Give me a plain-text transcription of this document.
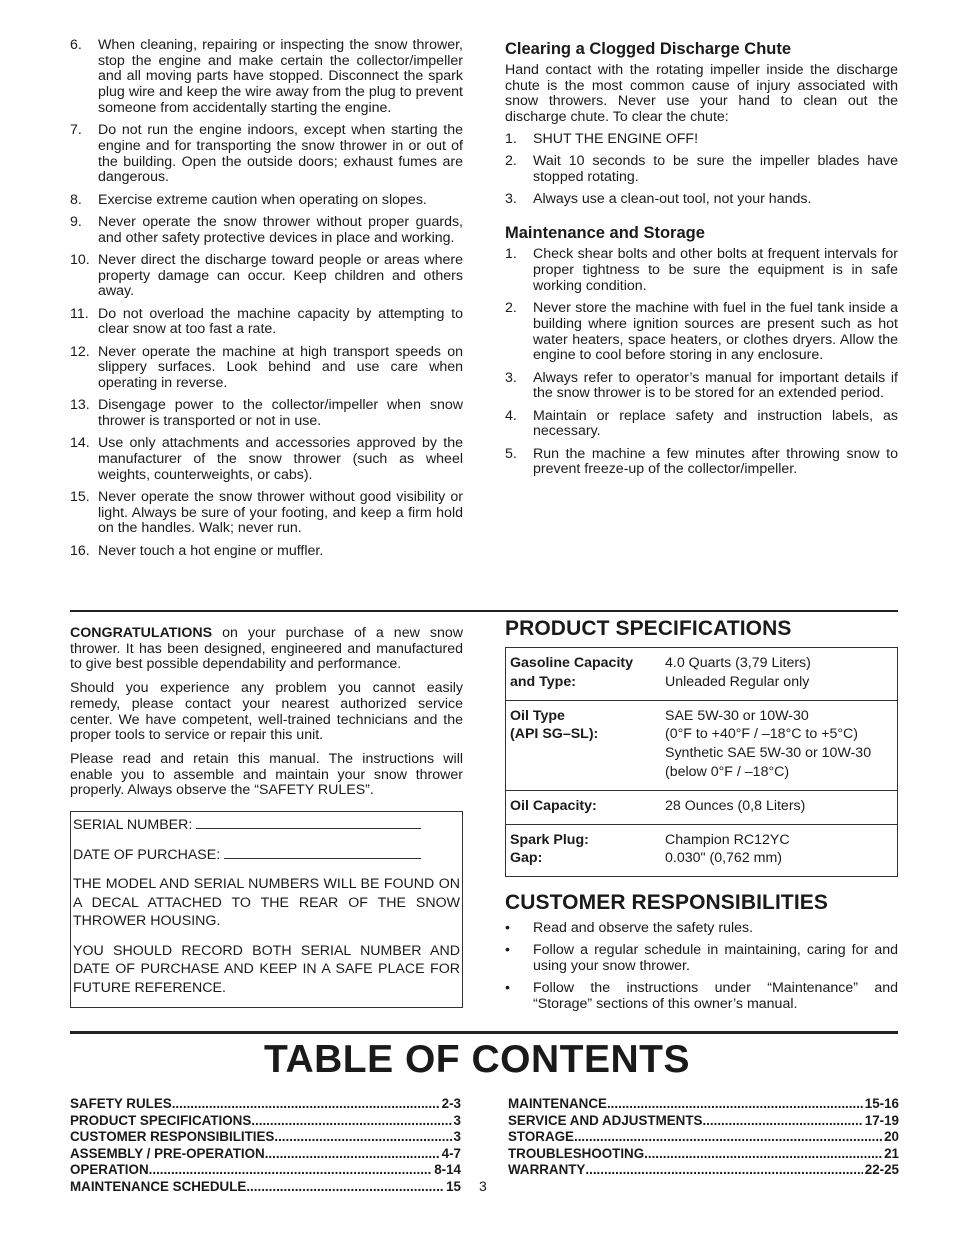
6.	When cleaning, repairing or inspecting the snow thrower, stop the engine and make certain the collector/impeller and all moving parts have stopped. Disconnect the spark plug wire and keep the wire away from the plug to prevent someone from accidentally starting the engine.
7.	Do not run the engine indoors, except when starting the engine and for transporting the snow thrower in or out of the building. Open the outside doors; exhaust fumes are dangerous.
8.	Exercise extreme caution when operating on slopes.
9.	Never operate the snow thrower without proper guards, and other safety protective devices in place and working.
10. Never direct the discharge toward people or areas where property damage can occur. Keep children and others away.
11. Do not overload the machine capacity by attempting to clear snow at too fast a rate.
12. Never operate the machine at high transport speeds on slippery surfaces. Look behind and use care when operating in reverse.
13. Disengage power to the collector/impeller when snow thrower is transported or not in use.
14. Use only attachments and accessories approved by the manufacturer of the snow thrower (such as wheel weights, counterweights, or cabs).
15. Never operate the snow thrower without good visibility or light. Always be sure of your footing, and keep a firm hold on the handles. Walk; never run.
16. Never touch a hot engine or muffler.
Clearing a Clogged Discharge Chute

Hand contact with the rotating impeller inside the discharge chute is the most common cause of injury associated with snow throwers. Never use your hand to clean out the discharge chute. To clear the chute:

1.	SHUT THE ENGINE OFF!
2.	Wait 10 seconds to be sure the impeller blades have stopped rotating.
3.	Always use a clean-out tool, not your hands.
Maintenance and Storage
1.	Check shear bolts and other bolts at frequent intervals for proper tightness to be sure the equipment is in safe working condition.
2.	Never store the machine with fuel in the fuel tank inside a building where ignition sources are present such as hot water heaters, space heaters, or clothes dryers. Allow the engine to cool before storing in any enclosure.
3.	Always refer to operator’s manual for important details if the snow thrower is to be stored for an extended period.
4.	Maintain or replace safety and instruction labels, as necessary.
5.	Run the machine a few minutes after throwing snow to prevent freeze-up of the collector/impeller.

CONGRATULATIONS on your purchase of a new snow thrower. It has been designed, engineered and manufactured to give best possible dependability and performance.

Should you experience any problem you cannot easily remedy, please contact your nearest authorized service center. We have competent, well-trained technicians and the proper tools to service or repair this unit.

Please read and retain this manual. The instructions will enable you to assemble and maintain your snow thrower properly. Always observe the “SAFETY RULES”.

SERIAL NUMBER:

DATE OF PURCHASE:

THE MODEL AND SERIAL NUMBERS WILL BE FOUND ON A DECAL ATTACHED TO THE REAR OF THE SNOW THROWER HOUSING.

YOU SHOULD RECORD BOTH SERIAL NUMBER AND DATE OF PURCHASE AND KEEP IN A SAFE PLACE FOR FUTURE REFERENCE.

PRODUCT SPECIFICATIONS
Gasoline Capacity
and Type:	4.0 Quarts (3,79 Liters)
Unleaded Regular only

Oil Type
(API SG–SL):	SAE 5W-30 or 10W-30
(0°F to +40°F / –18°C to +5°C)
Synthetic SAE 5W-30 or 10W-30
(below 0°F / –18°C)

Oil Capacity:	28 Ounces (0,8 Liters)

Spark Plug:
Gap:	Champion RC12YC
0.030" (0,762 mm)
CUSTOMER RESPONSIBILITIES
•	Read and observe the safety rules.
•	Follow a regular schedule in maintaining, caring for and using your snow thrower.
•	Follow the instructions under “Maintenance” and “Storage” sections of this owner’s manual.
TABLE OF CONTENTS
SAFETY RULES .....	2-3
PRODUCT SPECIFICATIONS .....	3
CUSTOMER RESPONSIBILITIES .....	3
ASSEMBLY / PRE-OPERATION .....	4-7
OPERATION .....	8-14
MAINTENANCE SCHEDULE .....	15
MAINTENANCE .....	15-16
SERVICE AND ADJUSTMENTS .....	17-19
STORAGE .....	20
TROUBLESHOOTING .....	21
WARRANTY .....	22-25
3
